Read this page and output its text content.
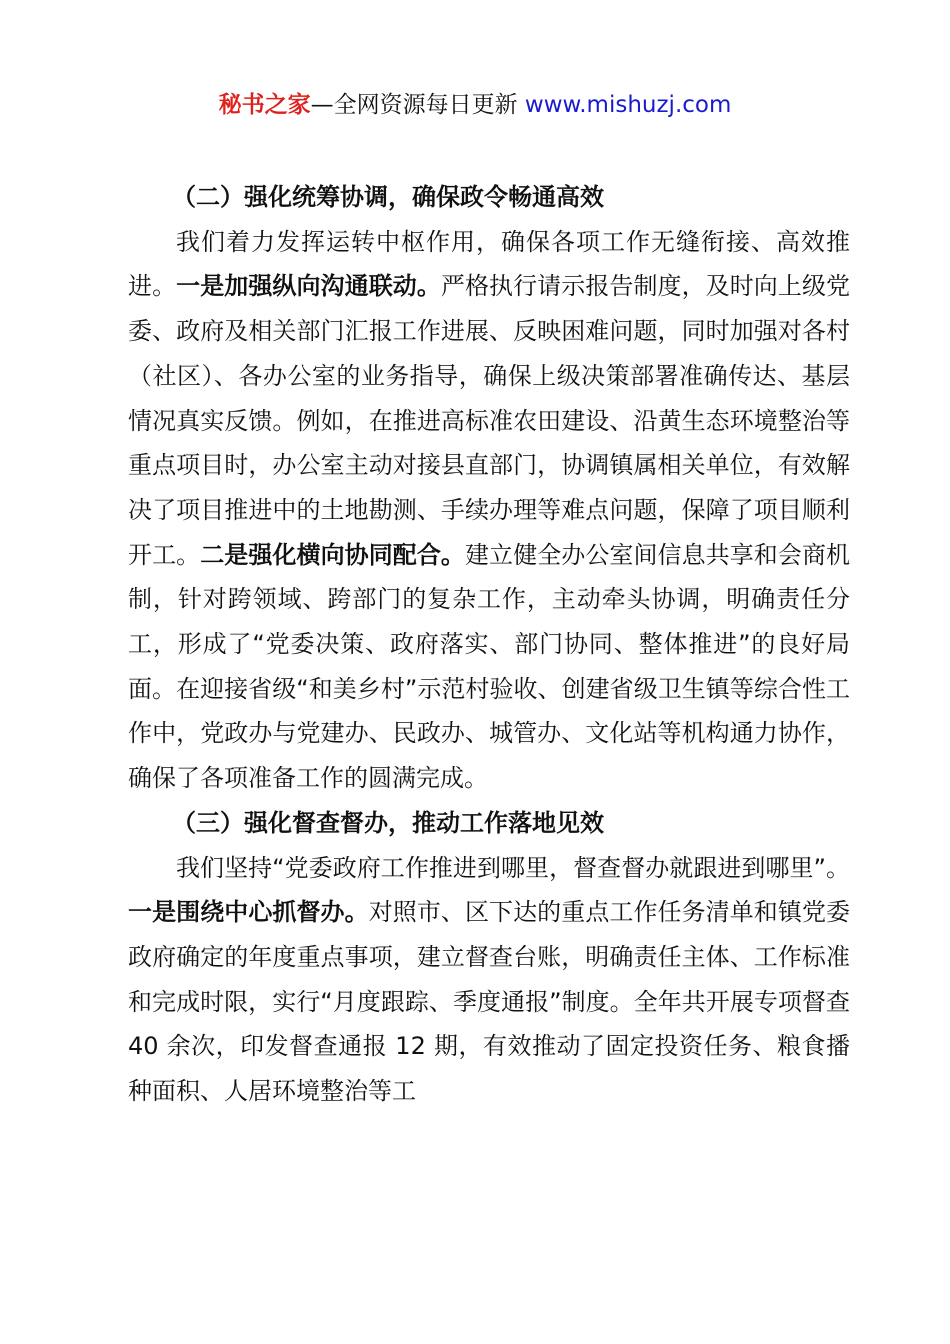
秘书之家—全网资源每日更新 www.mishuzj.com

（二）强化统筹协调，确保政令畅通高效

我们着力发挥运转中枢作用，确保各项工作无缝衔接、高效推进。一是加强纵向沟通联动。严格执行请示报告制度，及时向上级党委、政府及相关部门汇报工作进展、反映困难问题，同时加强对各村（社区）、各办公室的业务指导，确保上级决策部署准确传达、基层情况真实反馈。例如，在推进高标准农田建设、沿黄生态环境整治等重点项目时，办公室主动对接县直部门，协调镇属相关单位，有效解决了项目推进中的土地勘测、手续办理等难点问题，保障了项目顺利开工。二是强化横向协同配合。建立健全办公室间信息共享和会商机制，针对跨领域、跨部门的复杂工作，主动牵头协调，明确责任分工，形成了“党委决策、政府落实、部门协同、整体推进”的良好局面。在迎接省级“和美乡村”示范村验收、创建省级卫生镇等综合性工作中，党政办与党建办、民政办、城管办、文化站等机构通力协作，确保了各项准备工作的圆满完成。

（三）强化督查督办，推动工作落地见效

我们坚持“党委政府工作推进到哪里，督查督办就跟进到哪里”。一是围绕中心抓督办。对照市、区下达的重点工作任务清单和镇党委政府确定的年度重点事项，建立督查台账，明确责任主体、工作标准和完成时限，实行“月度跟踪、季度通报”制度。全年共开展专项督查 40 余次，印发督查通报 12 期，有效推动了固定投资任务、粮食播种面积、人居环境整治等工
